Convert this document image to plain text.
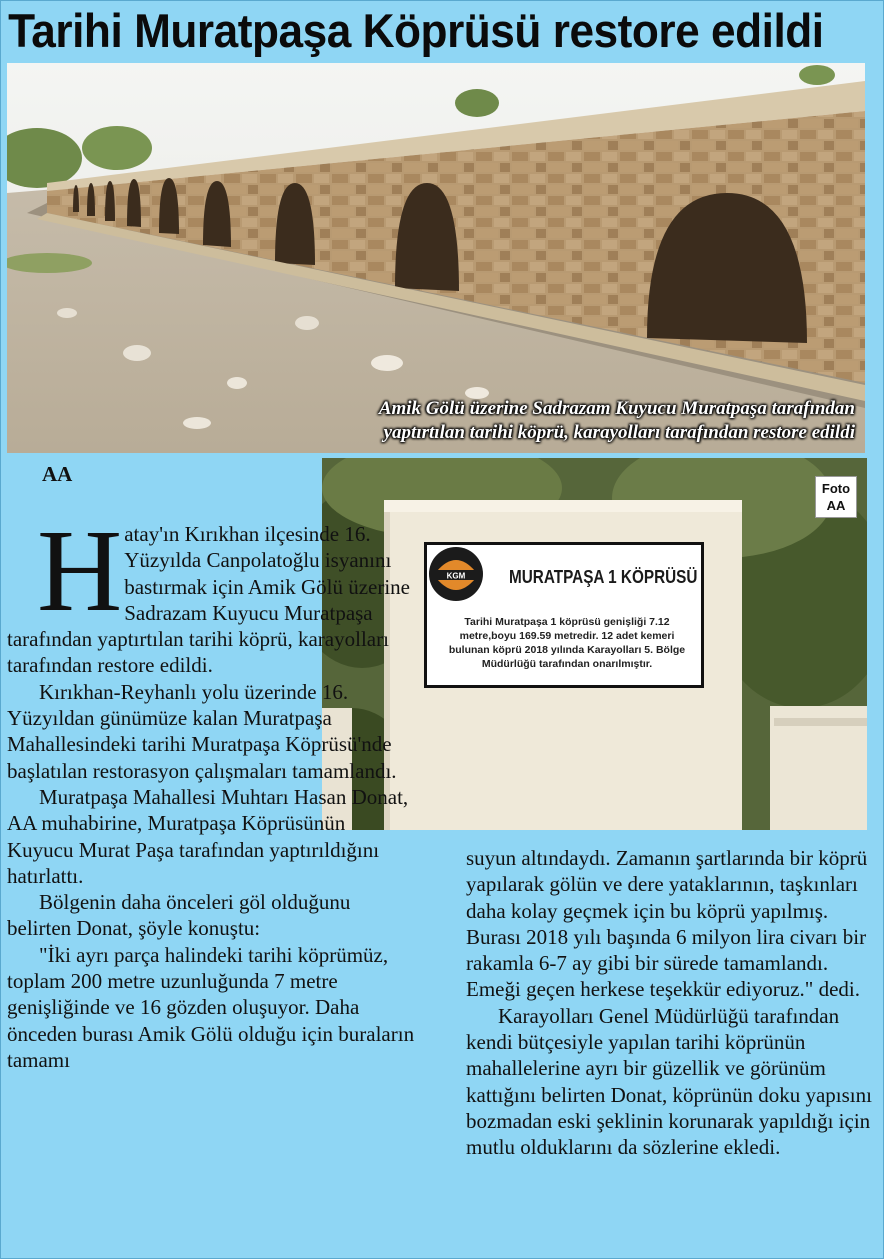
Tarihi Muratpaşa Köprüsü restore edildi
Amik Gölü üzerine Sadrazam Kuyucu Muratpaşa tarafından
yaptırtılan tarihi köprü, karayolları tarafından restore edildi
KGM MURATPAŞA 1 KÖPRÜSÜ
Tarihi Muratpaşa 1 köprüsü genişliği 7.12 metre,boyu 169.59 metredir. 12 adet kemeri bulunan köprü 2018 yılında Karayolları 5. Bölge Müdürlüğü tarafından onarılmıştır.
Foto
AA
AA

Hatay'ın Kırıkhan ilçesinde 16. Yüzyılda Canpolatoğlu isyanını bastırmak için Amik Gölü üzerine Sadrazam Kuyucu Muratpaşa tarafından yaptırtılan tarihi köprü, karayolları tarafından restore edildi.

Kırıkhan-Reyhanlı yolu üzerinde 16. Yüzyıldan günümüze kalan Muratpaşa Mahallesindeki tarihi Muratpaşa Köprüsü'nde başlatılan restorasyon çalışmaları tamamlandı.

Muratpaşa Mahallesi Muhtarı Hasan Donat, AA muhabirine, Muratpaşa Köprüsünün Kuyucu Murat Paşa tarafından yaptırıldığını hatırlattı.

Bölgenin daha önceleri göl olduğunu belirten Donat, şöyle konuştu:

"İki ayrı parça halindeki tarihi köprümüz, toplam 200 metre uzunluğunda 7 metre genişliğinde ve 16 gözden oluşuyor. Daha önceden burası Amik Gölü olduğu için buraların tamamı

suyun altındaydı. Zamanın şartlarında bir köprü yapılarak gölün ve dere yataklarının, taşkınları daha kolay geçmek için bu köprü yapılmış. Burası 2018 yılı başında 6 milyon lira civarı bir rakamla 6-7 ay gibi bir sürede tamamlandı. Emeği geçen herkese teşekkür ediyoruz." dedi.

Karayolları Genel Müdürlüğü tarafından kendi bütçesiyle yapılan tarihi köprünün mahallelerine ayrı bir güzellik ve görünüm kattığını belirten Donat, köprünün doku yapısını bozmadan eski şeklinin korunarak yapıldığı için mutlu olduklarını da sözlerine ekledi.
